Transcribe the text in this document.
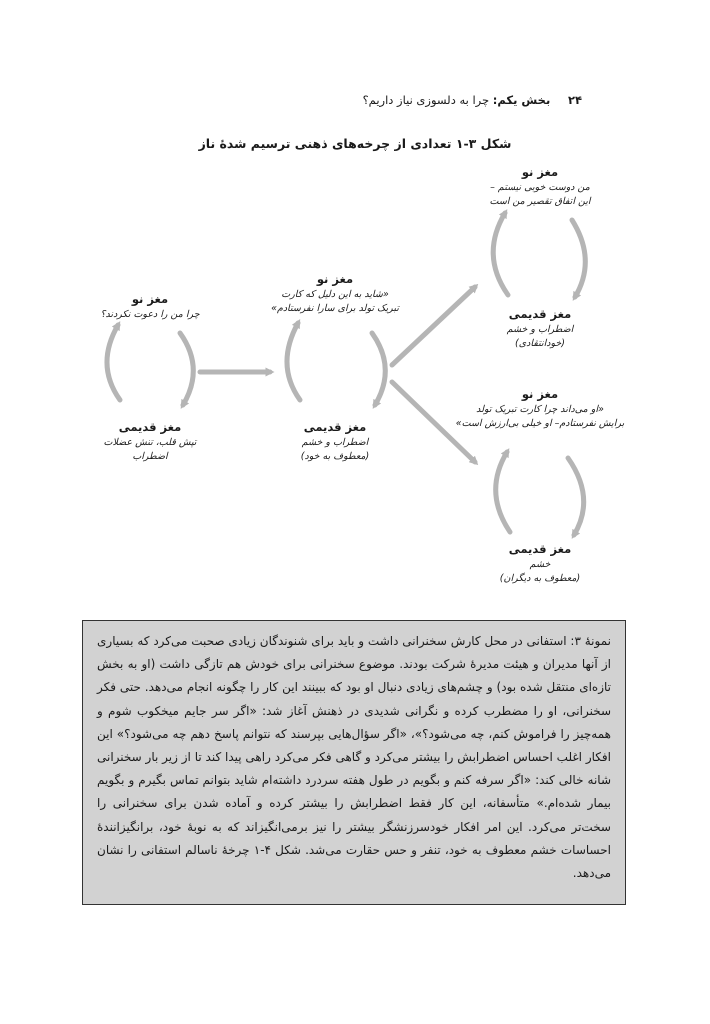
۲۴ بخش یکم: چرا به دلسوزی نیاز داریم؟
شکل ۳-۱ تعدادی از چرخه‌های ذهنی ترسیم شدهٔ ناز
مغز نو
چرا من را دعوت نکردند؟
مغز قدیمی
تپش قلب، تنش عضلات
اضطراب
مغز نو
«شاید به این دلیل که کارت
تبریک تولد برای سارا نفرستادم»
مغز قدیمی
اضطراب و خشم
(معطوف به خود)
مغز نو
من دوست خوبی نیستم –
این اتفاق تقصیر من است
مغز قدیمی
اضطراب و خشم
(خودانتقادی)
مغز نو
«او می‌داند چرا کارت تبریک تولد
برایش نفرستادم– او خیلی بی‌ارزش است»
مغز قدیمی
خشم
(معطوف به دیگران)
نمونهٔ ۳: استفانی در محل کارش سخنرانی داشت و باید برای شنوندگان زیادی صحبت می‌کرد که بسیاری از آنها مدیران و هیئت مدیرهٔ شرکت بودند. موضوع سخنرانی برای خودش هم تازگی داشت (او به بخش تازه‌ای منتقل شده بود) و چشم‌های زیادی دنبال او بود که ببینند این کار را چگونه انجام می‌دهد. حتی فکر سخنرانی، او را مضطرب کرده و نگرانی شدیدی در ذهنش آغاز شد: «اگر سر جایم میخکوب شوم و همه‌چیز را فراموش کنم، چه می‌شود؟»، «اگر سؤال‌هایی بپرسند که نتوانم پاسخ دهم چه می‌شود؟» این افکار اغلب احساس اضطرابش را بیشتر می‌کرد و گاهی فکر می‌کرد راهی پیدا کند تا از زیر بار سخنرانی شانه خالی کند: «اگر سرفه کنم و بگویم در طول هفته سردرد داشته‌ام شاید بتوانم تماس بگیرم و بگویم بیمار شده‌ام.» متأسفانه، این کار فقط اضطرابش را بیشتر کرده و آماده شدن برای سخنرانی را سخت‌تر می‌کرد. این امر افکار خودسرزنشگر بیشتر را نیز برمی‌انگیزاند که به نوبهٔ خود، برانگیزانندهٔ احساسات خشم معطوف به خود، تنفر و حس حقارت می‌شد. شکل ۴-۱ چرخهٔ ناسالم استفانی را نشان می‌دهد.
